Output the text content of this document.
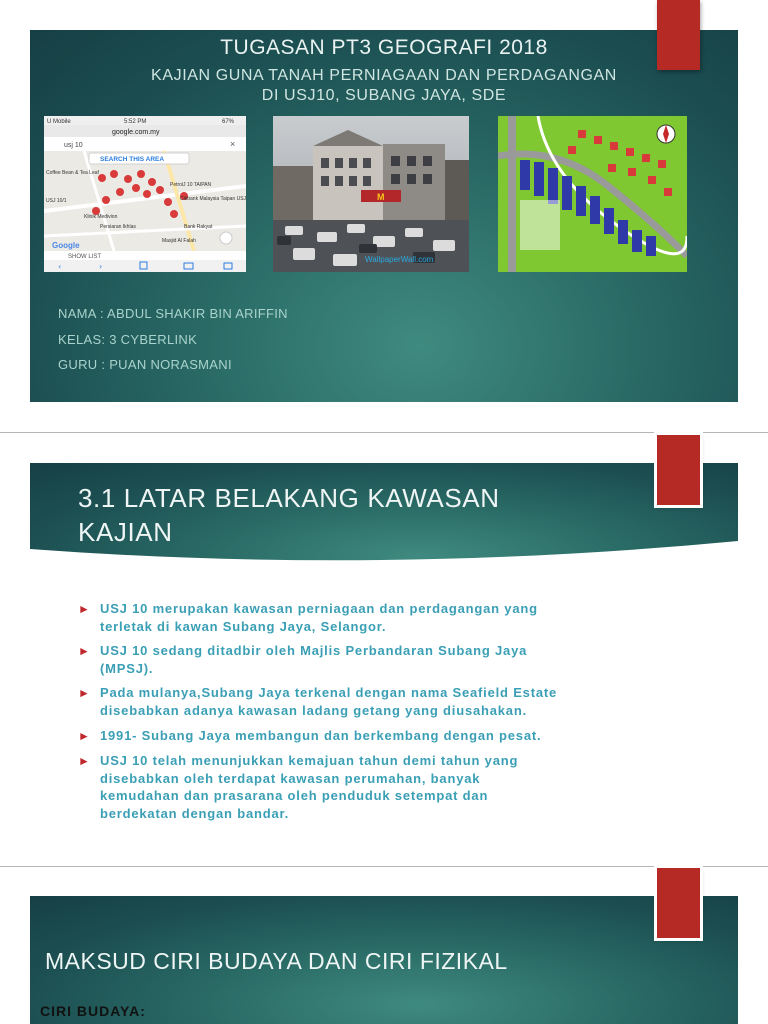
TUGASAN PT3 GEOGRAFI 2018
KAJIAN GUNA TANAH PERNIAGAAN DAN PERDAGANGAN
DI USJ10, SUBANG JAYA, SDE
U Mobile	5:52 PM	67%
google.com.my
usj 10	×
SEARCH THIS AREA
Coffee Bean & Tea Leaf
PetrolJ 10 TAIPAN
USJ 10/1	Citibank Malaysia Taipan USJ
Klinik Medivion
Bank Rakyat
Masjid Al Falah
Persiaran Ikhlas
Google
SHOW LIST
‹	›
M
WallpaperWall.com
NAMA : ABDUL SHAKIR BIN ARIFFIN
KELAS: 3 CYBERLINK
GURU : PUAN NORASMANI
3.1 LATAR BELAKANG KAWASAN
KAJIAN
► USJ 10 merupakan kawasan perniagaan dan perdagangan yang
terletak di kawan Subang Jaya, Selangor.
► USJ 10 sedang ditadbir oleh Majlis Perbandaran Subang Jaya
(MPSJ).
► Pada mulanya,Subang Jaya terkenal dengan nama Seafield Estate
disebabkan adanya kawasan ladang getang yang diusahakan.
► 1991- Subang Jaya membangun dan berkembang dengan pesat.
► USJ 10 telah menunjukkan kemajuan tahun demi tahun yang
disebabkan oleh terdapat kawasan perumahan, banyak
kemudahan dan prasarana oleh penduduk setempat dan
berdekatan dengan bandar.
MAKSUD CIRI BUDAYA DAN CIRI FIZIKAL
CIRI BUDAYA:
